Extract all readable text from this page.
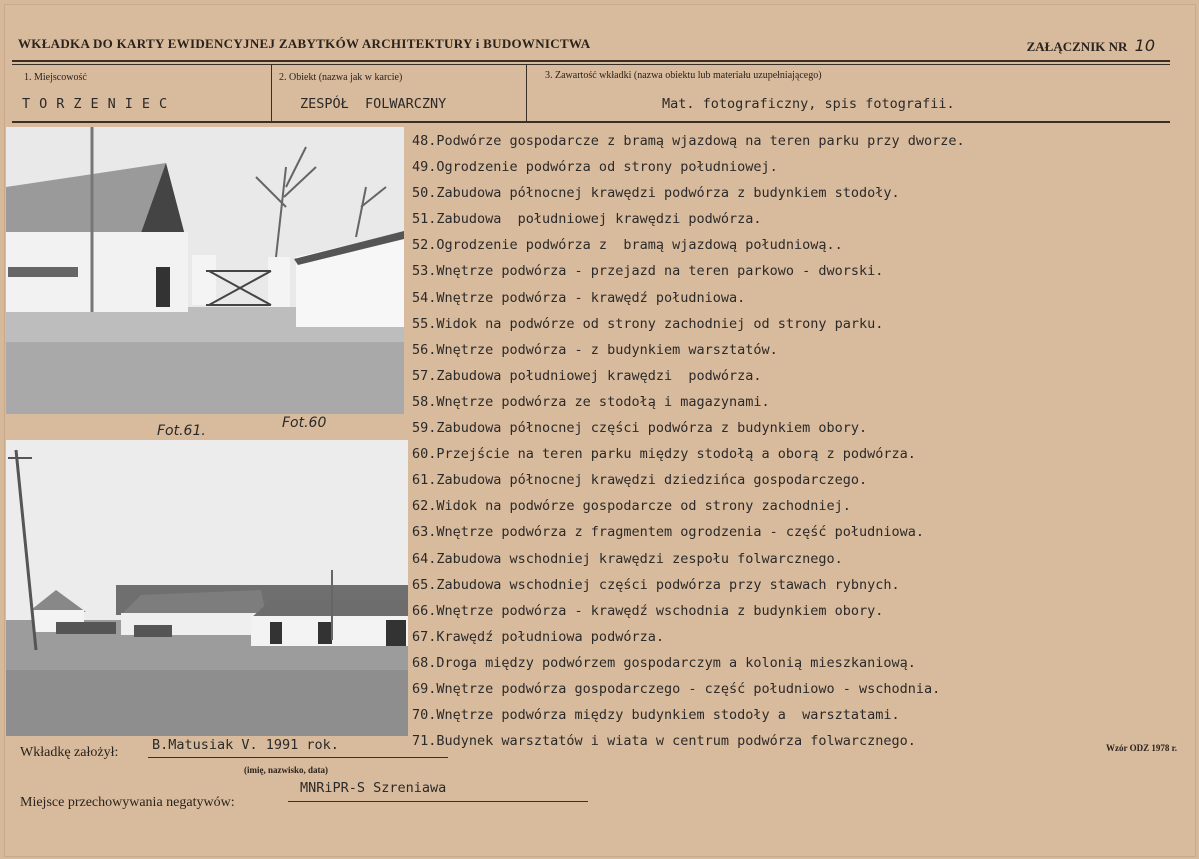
WKŁADKA DO KARTY EWIDENCYJNEJ ZABYTKÓW ARCHITEKTURY i BUDOWNICTWA	ZAŁĄCZNIK NR 10
1. Miejscowość
TORZENIEC
2. Obiekt (nazwa jak w karcie)
ZESPÓŁ  FOLWARCZNY
3. Zawartość wkładki (nazwa obiektu lub materiału uzupełniającego)
Mat. fotograficzny, spis fotografii.
Fot.61.	Fot.60
48.Podwórze gospodarcze z bramą wjazdową na teren parku przy dworze.
49.Ogrodzenie podwórza od strony południowej.
50.Zabudowa północnej krawędzi podwórza z budynkiem stodoły.
51.Zabudowa  południowej krawędzi podwórza.
52.Ogrodzenie podwórza z  bramą wjazdową południową..
53.Wnętrze podwórza - przejazd na teren parkowo - dworski.
54.Wnętrze podwórza - krawędź południowa.
55.Widok na podwórze od strony zachodniej od strony parku.
56.Wnętrze podwórza - z budynkiem warsztatów.
57.Zabudowa południowej krawędzi  podwórza.
58.Wnętrze podwórza ze stodołą i magazynami.
59.Zabudowa północnej części podwórza z budynkiem obory.
60.Przejście na teren parku między stodołą a oborą z podwórza.
61.Zabudowa północnej krawędzi dziedzińca gospodarczego.
62.Widok na podwórze gospodarcze od strony zachodniej.
63.Wnętrze podwórza z fragmentem ogrodzenia - część południowa.
64.Zabudowa wschodniej krawędzi zespołu folwarcznego.
65.Zabudowa wschodniej części podwórza przy stawach rybnych.
66.Wnętrze podwórza - krawędź wschodnia z budynkiem obory.
67.Krawędź południowa podwórza.
68.Droga między podwórzem gospodarczym a kolonią mieszkaniową.
69.Wnętrze podwórza gospodarczego - część południowo - wschodnia.
70.Wnętrze podwórza między budynkiem stodoły a  warsztatami.
71.Budynek warsztatów i wiata w centrum podwórza folwarcznego.
Wkładkę założył: B.Matusiak V. 1991 rok.
(imię, nazwisko, data)
Miejsce przechowywania negatywów:
MNRiPR-S Szreniawa
Wzór ODZ 1978 r.
